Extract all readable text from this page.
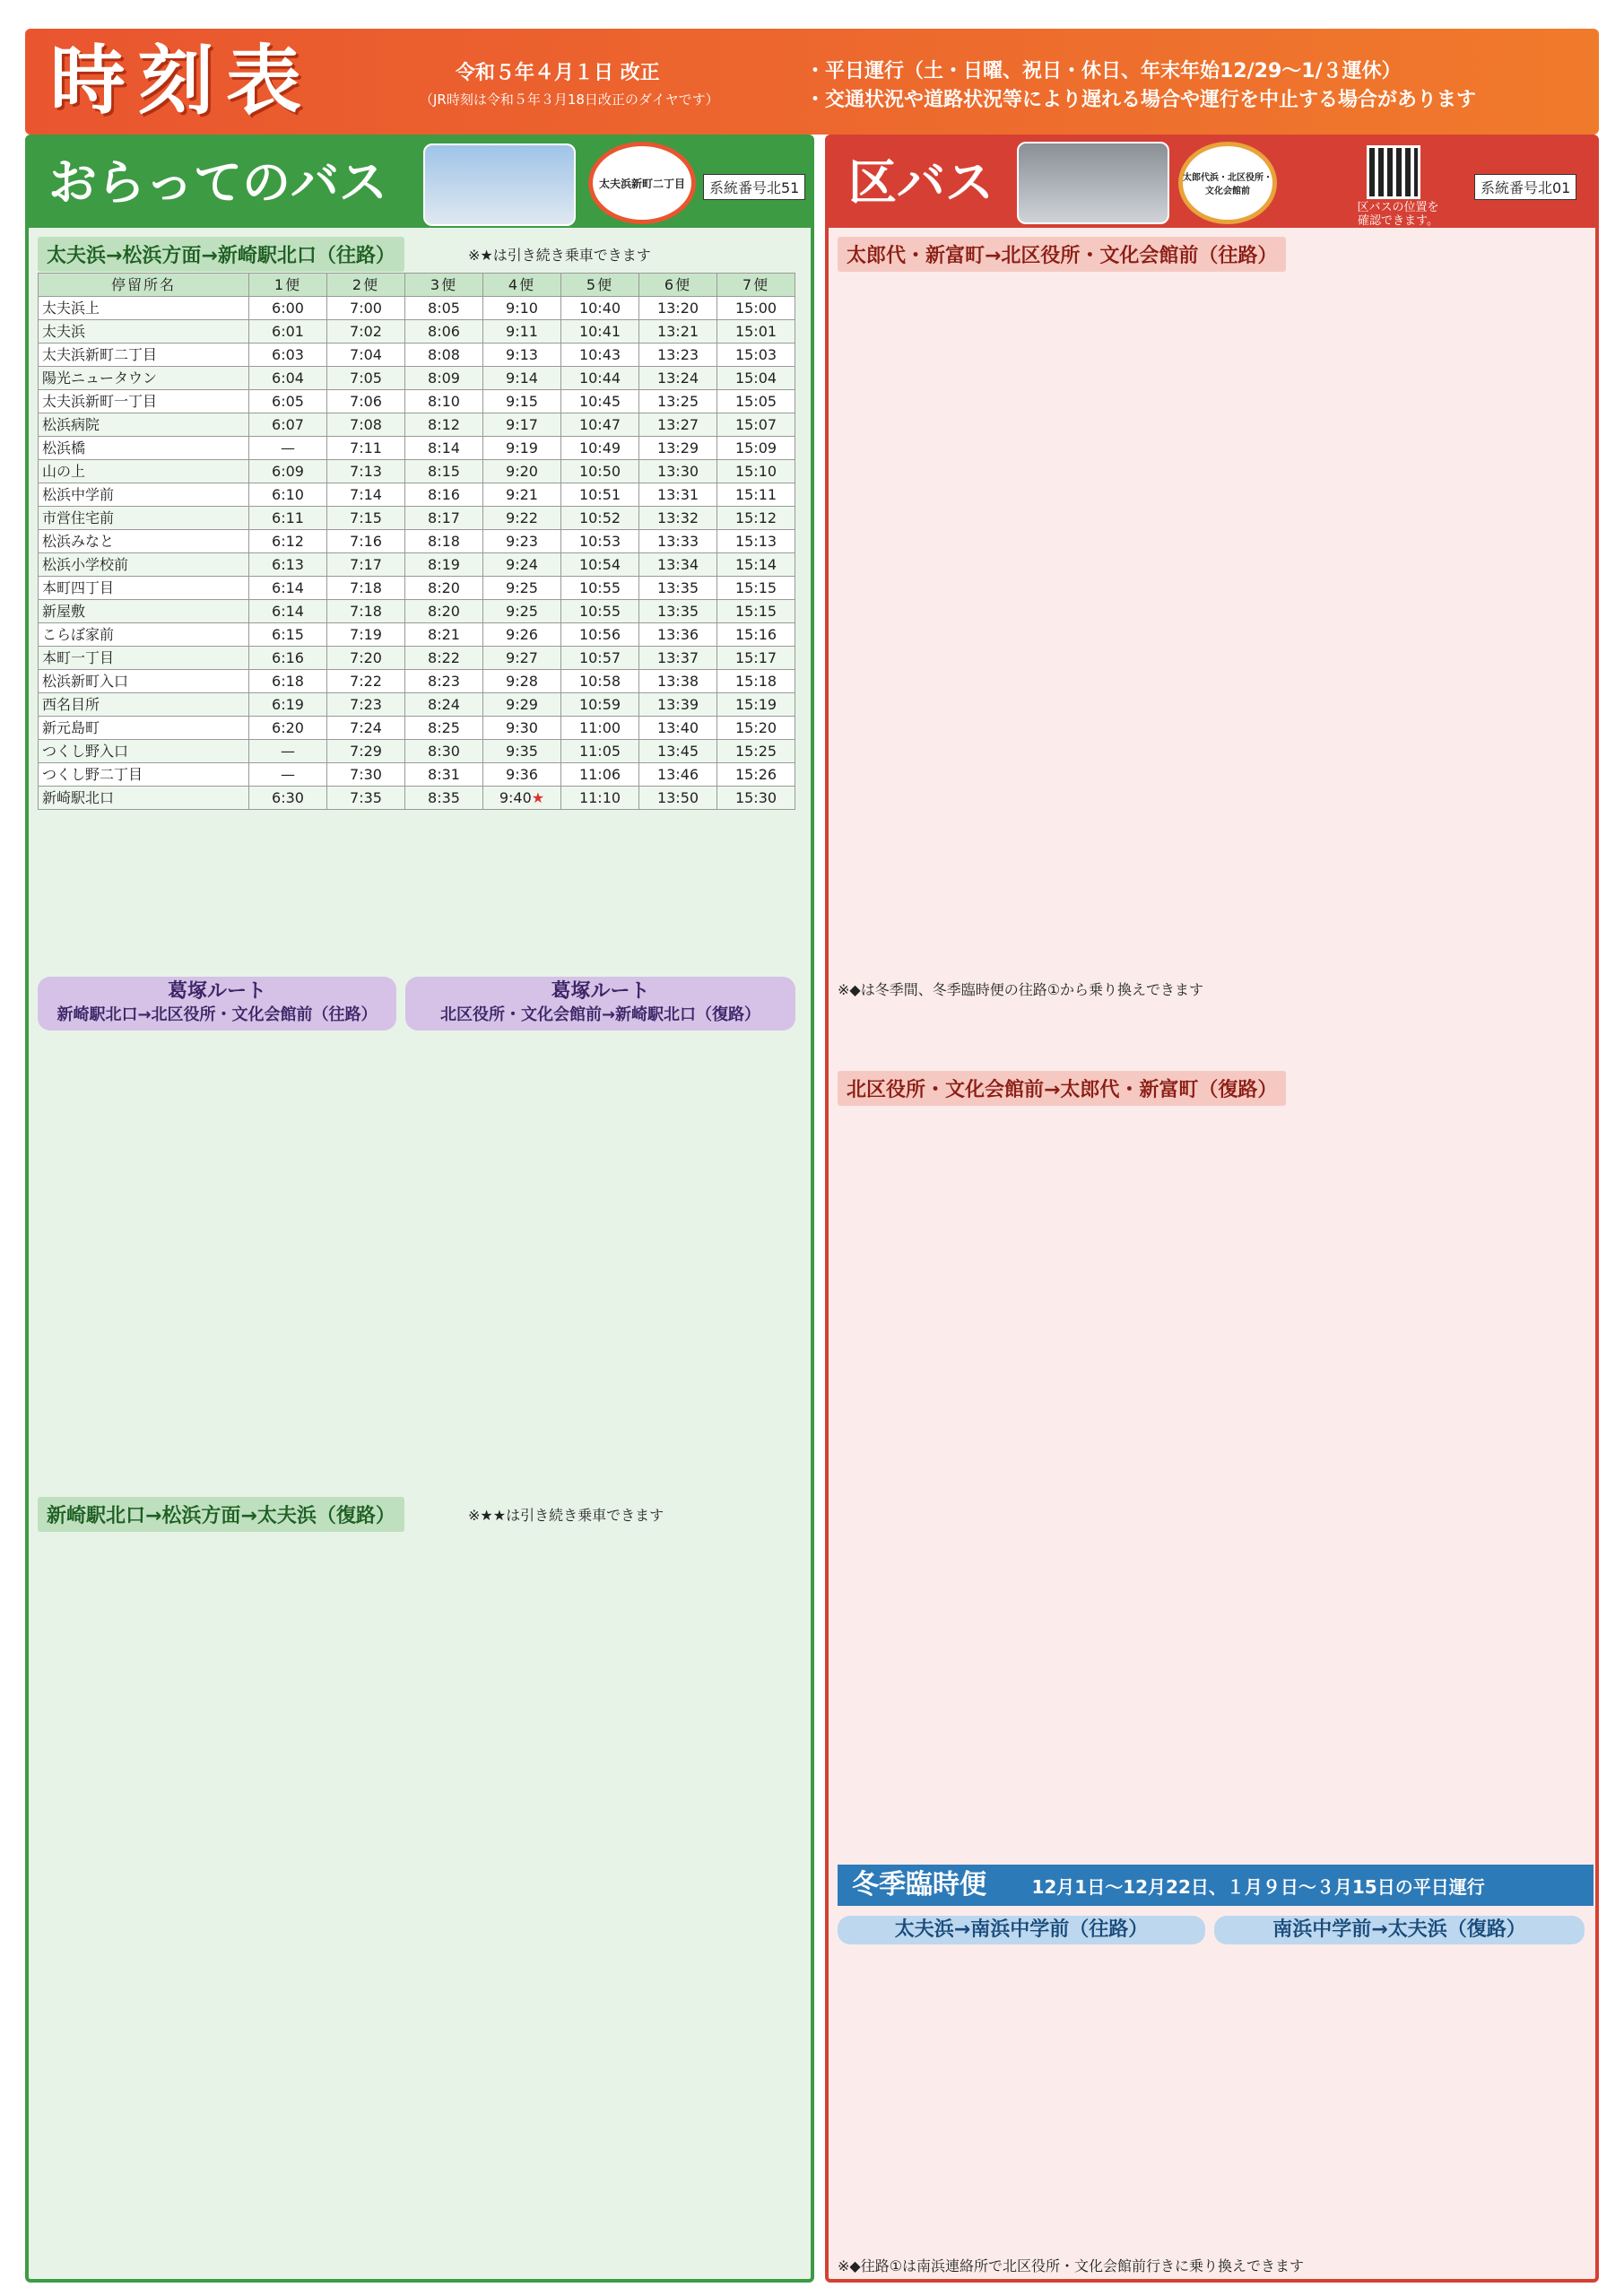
時刻表	令和５年４月１日 改正
（JR時刻は令和５年３月18日改正のダイヤです）
・平日運行（土・日曜、祝日・休日、年末年始12/29～1/３運休）
・交通状況や道路状況等により遅れる場合や運行を中止する場合があります
おらってのバス	太夫浜新町二丁目	系統番号北51
太夫浜→松浜方面→新崎駅北口（往路）	※★は引き続き乗車できます
停留所名	1便	2便	3便	4便	5便	6便	7便
太夫浜上	6:00	7:00	8:05	9:10	10:40	13:20	15:00
太夫浜	6:01	7:02	8:06	9:11	10:41	13:21	15:01
太夫浜新町二丁目	6:03	7:04	8:08	9:13	10:43	13:23	15:03
陽光ニュータウン	6:04	7:05	8:09	9:14	10:44	13:24	15:04
太夫浜新町一丁目	6:05	7:06	8:10	9:15	10:45	13:25	15:05
松浜病院	6:07	7:08	8:12	9:17	10:47	13:27	15:07
松浜橋	—	7:11	8:14	9:19	10:49	13:29	15:09
山の上	6:09	7:13	8:15	9:20	10:50	13:30	15:10
松浜中学前	6:10	7:14	8:16	9:21	10:51	13:31	15:11
市営住宅前	6:11	7:15	8:17	9:22	10:52	13:32	15:12
松浜みなと	6:12	7:16	8:18	9:23	10:53	13:33	15:13
松浜小学校前	6:13	7:17	8:19	9:24	10:54	13:34	15:14
本町四丁目	6:14	7:18	8:20	9:25	10:55	13:35	15:15
新屋敷	6:14	7:18	8:20	9:25	10:55	13:35	15:15
こらぼ家前	6:15	7:19	8:21	9:26	10:56	13:36	15:16
本町一丁目	6:16	7:20	8:22	9:27	10:57	13:37	15:17
松浜新町入口	6:18	7:22	8:23	9:28	10:58	13:38	15:18
西名目所	6:19	7:23	8:24	9:29	10:59	13:39	15:19
新元島町	6:20	7:24	8:25	9:30	11:00	13:40	15:20
つくし野入口	—	7:29	8:30	9:35	11:05	13:45	15:25
つくし野二丁目	—	7:30	8:31	9:36	11:06	13:46	15:26
新崎駅北口	6:30	7:35	8:35	9:40★	11:10	13:50	15:30
葛塚ルート
新崎駅北口→北区役所・文化会館前（往路）
葛塚ルート
北区役所・文化会館前→新崎駅北口（復路）
新崎駅北口→松浜方面→太夫浜（復路）	※★★は引き続き乗車できます
区バス	太郎代浜・北区役所・文化会館前
区バスの位置を
確認できます。
系統番号北01
太郎代・新富町→北区役所・文化会館前（往路）
※◆は冬季間、冬季臨時便の往路①から乗り換えできます
北区役所・文化会館前→太郎代・新富町（復路）
冬季臨時便	12月1日～12月22日、１月９日～３月15日の平日運行
太夫浜→南浜中学前（往路）	南浜中学前→太夫浜（復路）
※◆往路①は南浜連絡所で北区役所・文化会館前行きに乗り換えできます
